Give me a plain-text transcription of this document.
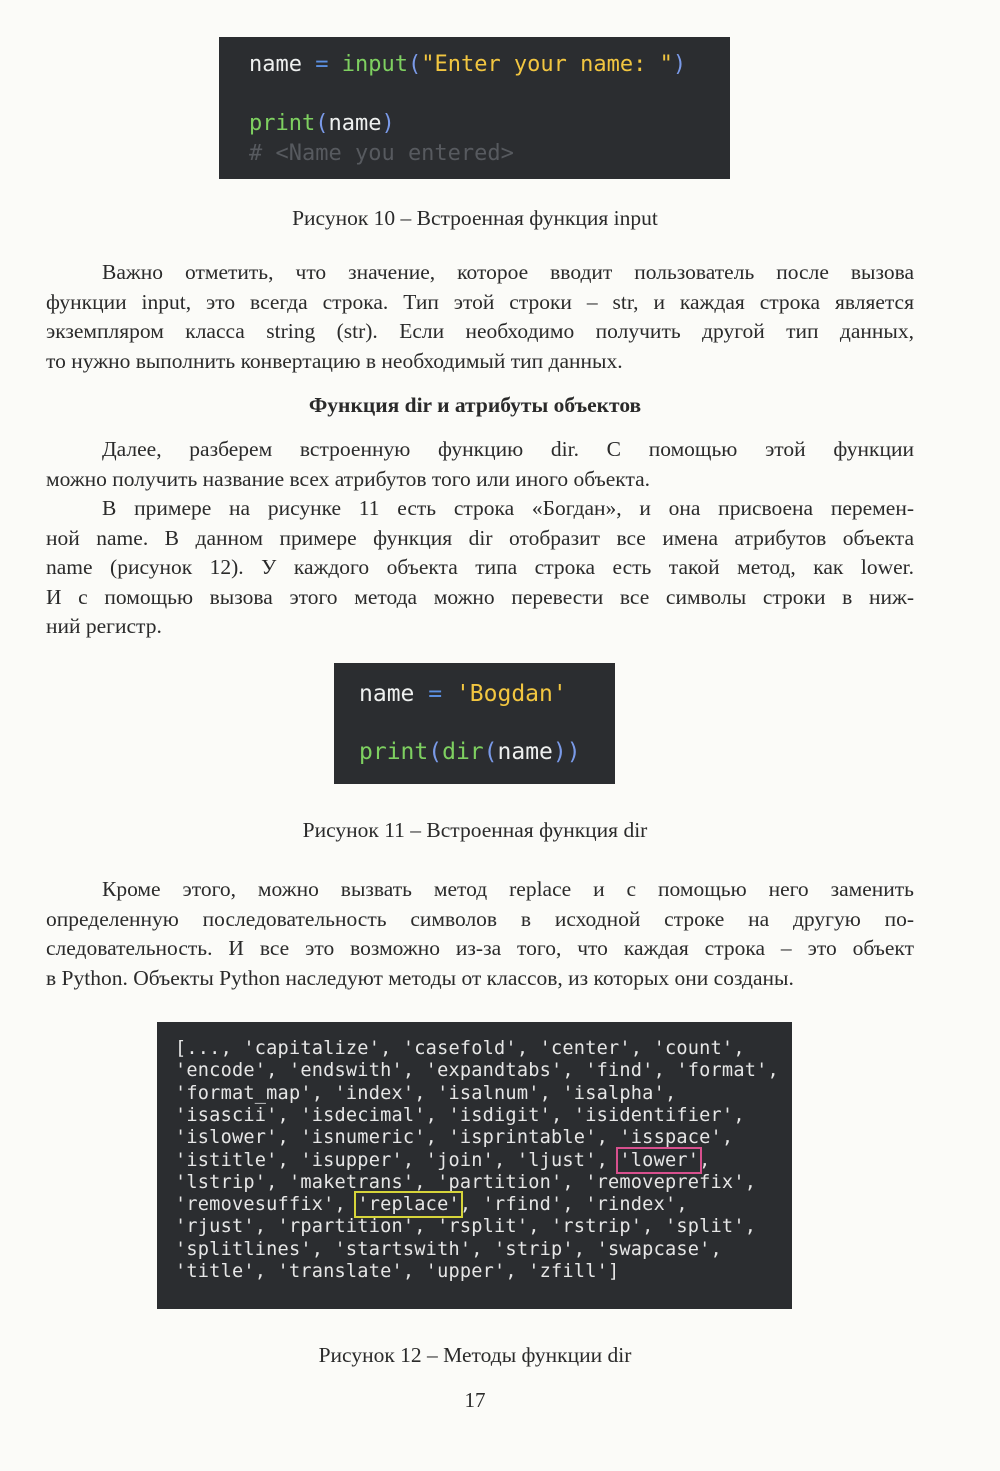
name = input("Enter your name: ")
print(name)
# <Name you entered>
Рисунок 10 – Встроенная функция input
Важно отметить, что значение, которое вводит пользователь после вызова
функции input, это всегда строка. Тип этой строки – str, и каждая строка является
экземпляром класса string (str). Если необходимо получить другой тип данных,
то нужно выполнить конвертацию в необходимый тип данных.
Функция dir и атрибуты объектов
Далее, разберем встроенную функцию dir. С помощью этой функции
можно получить название всех атрибутов того или иного объекта.
В примере на рисунке 11 есть строка «Богдан», и она присвоена перемен-
ной name. В данном примере функция dir отобразит все имена атрибутов объекта
name (рисунок 12). У каждого объекта типа строка есть такой метод, как lower.
И с помощью вызова этого метода можно перевести все символы строки в ниж-
ний регистр.
name = 'Bogdan'
print(dir(name))
Рисунок 11 – Встроенная функция dir
Кроме этого, можно вызвать метод replace и с помощью него заменить
определенную последовательность символов в исходной строке на другую по-
следовательность. И все это возможно из-за того, что каждая строка – это объект
в Python. Объекты Python наследуют методы от классов, из которых они созданы.
[..., 'capitalize', 'casefold', 'center', 'count',
'encode', 'endswith', 'expandtabs', 'find', 'format',
'format_map', 'index', 'isalnum', 'isalpha',
'isascii', 'isdecimal', 'isdigit', 'isidentifier',
'islower', 'isnumeric', 'isprintable', 'isspace',
'istitle', 'isupper', 'join', 'ljust', 'lower',
'lstrip', 'maketrans', 'partition', 'removeprefix',
'removesuffix', 'replace', 'rfind', 'rindex',
'rjust', 'rpartition', 'rsplit', 'rstrip', 'split',
'splitlines', 'startswith', 'strip', 'swapcase',
'title', 'translate', 'upper', 'zfill']
Рисунок 12 – Методы функции dir
17
